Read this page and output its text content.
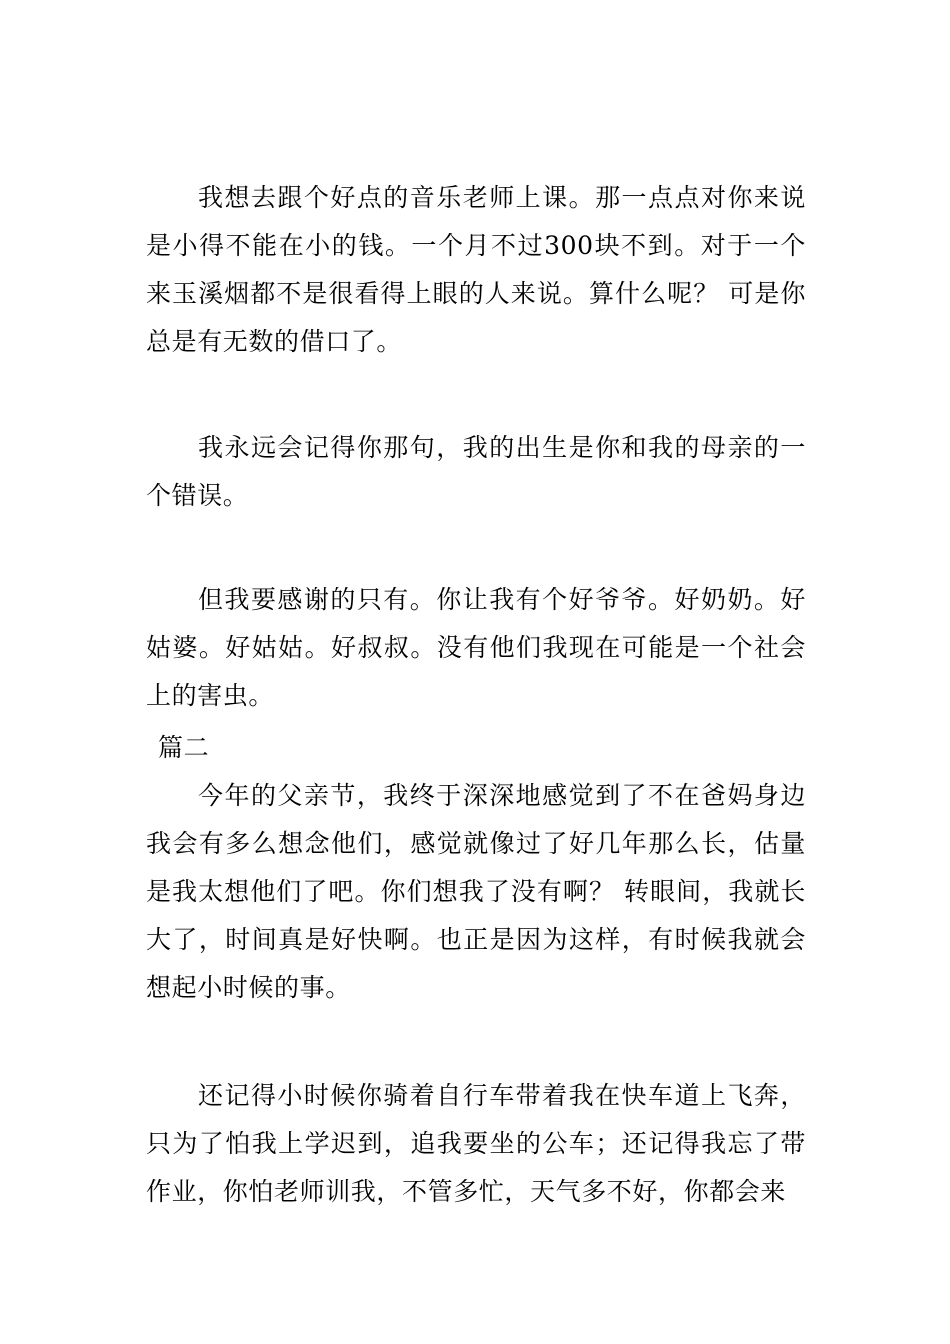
我想去跟个好点的音乐老师上课。那一点点对你来说是小得不能在小的钱。一个月不过300块不到。对于一个来玉溪烟都不是很看得上眼的人来说。算什么呢？ 可是你总是有无数的借口了。

我永远会记得你那句，我的出生是你和我的母亲的一个错误。

但我要感谢的只有。你让我有个好爷爷。好奶奶。好姑婆。好姑姑。好叔叔。没有他们我现在可能是一个社会上的害虫。

篇二

今年的父亲节，我终于深深地感觉到了不在爸妈身边我会有多么想念他们，感觉就像过了好几年那么长，估量是我太想他们了吧。你们想我了没有啊？ 转眼间，我就长大了，时间真是好快啊。也正是因为这样，有时候我就会想起小时候的事。

还记得小时候你骑着自行车带着我在快车道上飞奔，只为了怕我上学迟到，追我要坐的公车；还记得我忘了带作业，你怕老师训我，不管多忙，天气多不好，你都会来
